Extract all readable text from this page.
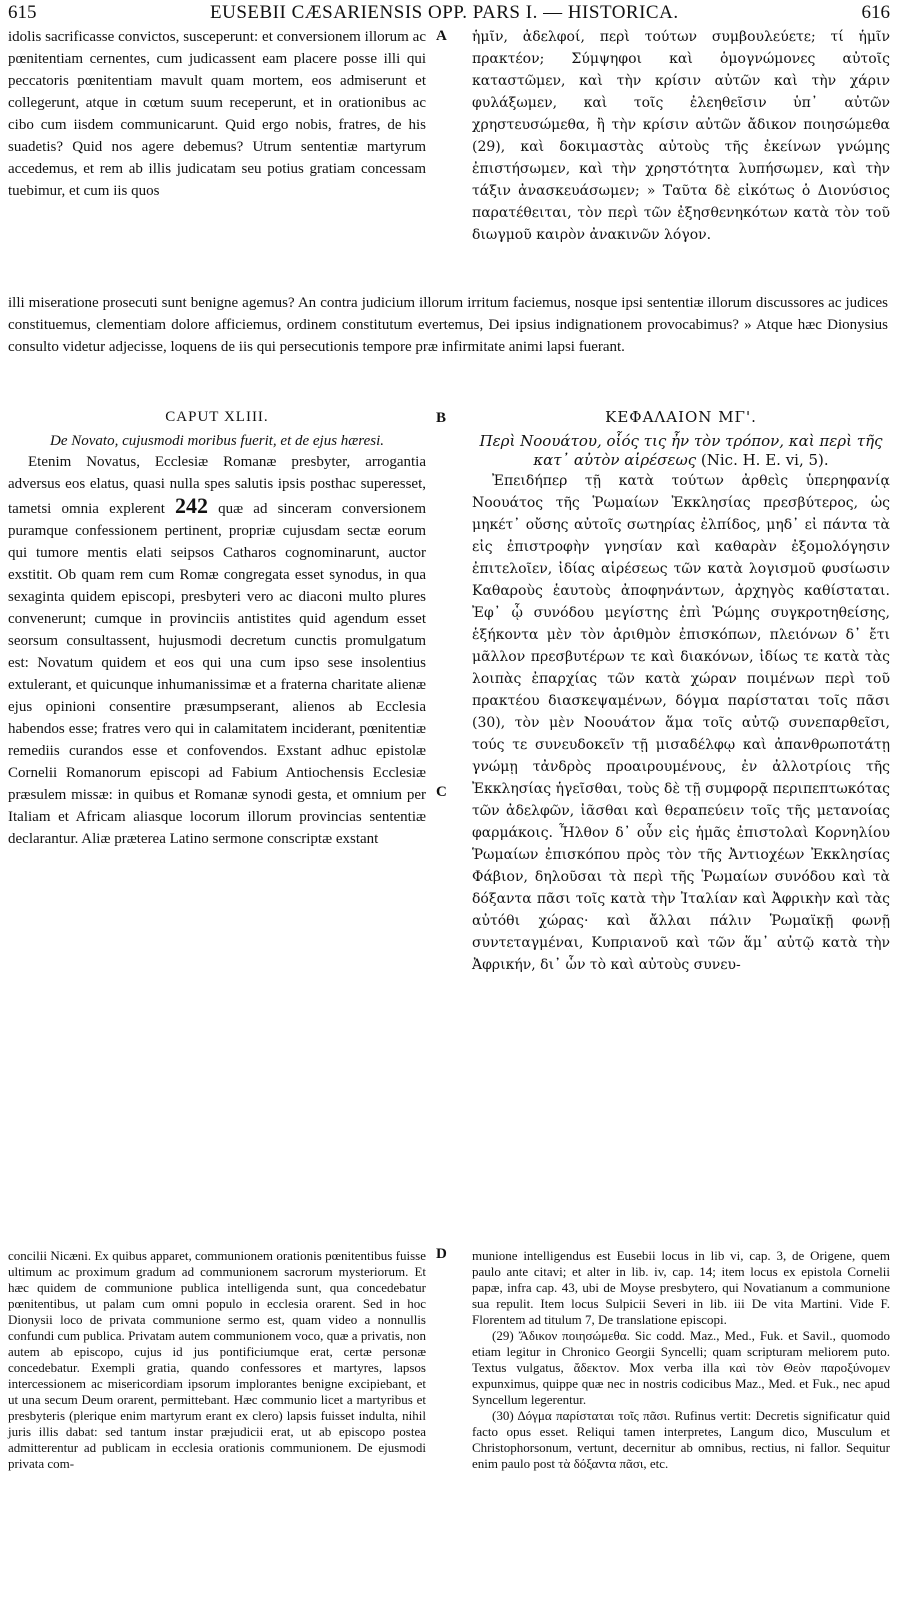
615	EUSEBII CÆSARIENSIS OPP. PARS I. — HISTORICA.	616

idolis sacrificasse convictos, susceperunt: et conversionem illorum ac pœnitentiam cernentes, cum judicassent eam placere posse illi qui peccatoris pœnitentiam mavult quam mortem, eos admiserunt et collegerunt, atque in cœtum suum receperunt, et in orationibus ac cibo cum iisdem communicarunt. Quid ergo nobis, fratres, de his suadetis? Quid nos agere debemus? Utrum sententiæ martyrum accedemus, et rem ab illis judicatam seu potius gratiam concessam tuebimur, et cum iis quos

A ἡμῖν, ἀδελφοί, περὶ τούτων συμβουλεύετε; τί ἡμῖν πρακτέον; Σύμψηφοι καὶ ὁμογνώμονες αὐτοῖς καταστῶμεν, καὶ τὴν κρίσιν αὐτῶν καὶ τὴν χάριν φυλάξωμεν, καὶ τοῖς ἐλεηθεῖσιν ὑπ᾽ αὐτῶν χρηστευσώμεθα, ἢ τὴν κρίσιν αὐτῶν ἄδικον ποιησώμεθα (29), καὶ δοκιμαστὰς αὐτοὺς τῆς ἐκείνων γνώμης ἐπιστήσωμεν, καὶ τὴν χρηστότητα λυπήσωμεν, καὶ τὴν τάξιν ἀνασκευάσωμεν; » Ταῦτα δὲ εἰκότως ὁ Διονύσιος παρατέθειται, τὸν περὶ τῶν ἐξησθενηκότων κατὰ τὸν τοῦ διωγμοῦ καιρὸν ἀνακινῶν λόγον.

illi miseratione prosecuti sunt benigne agemus? An contra judicium illorum irritum faciemus, nosque ipsi sententiæ illorum discussores ac judices constituemus, clementiam dolore afficiemus, ordinem constitutum evertemus, Dei ipsius indignationem provocabimus? » Atque hæc Dionysius consulto videtur adjecisse, loquens de iis qui persecutionis tempore præ infirmitate animi lapsi fuerant.

CAPUT XLIII.
De Novato, cujusmodi moribus fuerit, et de ejus hæresi.

Etenim Novatus, Ecclesiæ Romanæ presbyter, arrogantia adversus eos elatus, quasi nulla spes salutis ipsis posthac superesset, tametsi omnia explerent 242 quæ ad sinceram conversionem puramque confessionem pertinent, propriæ cujusdam sectæ eorum qui tumore mentis elati seipsos Catharos cognominarunt, auctor exstitit. Ob quam rem cum Romæ congregata esset synodus, in qua sexaginta quidem episcopi, presbyteri vero ac diaconi multo plures convenerunt; cumque in provinciis antistites quid agendum esset seorsum consultassent, hujusmodi decretum cunctis promulgatum est: Novatum quidem et eos qui una cum ipso sese insolentius extulerant, et quicunque inhumanissimæ et a fraterna charitate alienæ ejus opinioni consentire præsumpserant, alienos ab Ecclesia habendos esse; fratres vero qui in calamitatem inciderant, pœnitentiæ remediis curandos esse et confovendos. Exstant adhuc epistolæ Cornelii Romanorum episcopi ad Fabium Antiochensis Ecclesiæ præsulem missæ: in quibus et Romanæ synodi gesta, et omnium per Italiam et Africam aliasque locorum illorum provincias sententiæ declarantur. Aliæ præterea Latino sermone conscriptæ exstant

B
C
ΚΕΦΑΛΑΙΟΝ ΜΓ'.
Περὶ Νοουάτου, οἷός τις ἦν τὸν τρόπον, καὶ περὶ τῆς κατ᾽ αὐτὸν αἱρέσεως (Nic. H. E. vi, 5).

Ἐπειδήπερ τῇ κατὰ τούτων ἀρθεὶς ὑπερηφανίᾳ Νοουάτος τῆς Ῥωμαίων Ἐκκλησίας πρεσβύτερος, ὡς μηκέτ᾽ οὔσης αὐτοῖς σωτηρίας ἐλπίδος, μηδ᾽ εἰ πάντα τὰ εἰς ἐπιστροφὴν γνησίαν καὶ καθαρὰν ἐξομολόγησιν ἐπιτελοῖεν, ἰδίας αἱρέσεως τῶν κατὰ λογισμοῦ φυσίωσιν Καθαροὺς ἑαυτοὺς ἀποφηνάντων, ἀρχηγὸς καθίσταται. Ἐφ᾽ ᾧ συνόδου μεγίστης ἐπὶ Ῥώμης συγκροτηθείσης, ἑξήκοντα μὲν τὸν ἀριθμὸν ἐπισκόπων, πλειόνων δ᾽ ἔτι μᾶλλον πρεσβυτέρων τε καὶ διακόνων, ἰδίως τε κατὰ τὰς λοιπὰς ἐπαρχίας τῶν κατὰ χώραν ποιμένων περὶ τοῦ πρακτέου διασκεψαμένων, δόγμα παρίσταται τοῖς πᾶσι (30), τὸν μὲν Νοουάτον ἅμα τοῖς αὐτῷ συνεπαρθεῖσι, τούς τε συνευδοκεῖν τῇ μισαδέλφῳ καὶ ἀπανθρωποτάτῃ γνώμῃ τἀνδρὸς προαιρουμένους, ἐν ἀλλοτρίοις τῆς Ἐκκλησίας ἡγεῖσθαι, τοὺς δὲ τῇ συμφορᾷ περιπεπτωκότας τῶν ἀδελφῶν, ἰᾶσθαι καὶ θεραπεύειν τοῖς τῆς μετανοίας φαρμάκοις. Ἦλθον δ᾽ οὖν εἰς ἡμᾶς ἐπιστολαὶ Κορνηλίου Ῥωμαίων ἐπισκόπου πρὸς τὸν τῆς Ἀντιοχέων Ἐκκλησίας Φάβιον, δηλοῦσαι τὰ περὶ τῆς Ῥωμαίων συνόδου καὶ τὰ δόξαντα πᾶσι τοῖς κατὰ τὴν Ἰταλίαν καὶ Ἀφρικὴν καὶ τὰς αὐτόθι χώρας· καὶ ἄλλαι πάλιν Ῥωμαϊκῇ φωνῇ συντεταγμέναι, Κυπριανοῦ καὶ τῶν ἅμ᾽ αὐτῷ κατὰ τὴν Ἀφρικήν, δι᾽ ὧν τὸ καὶ αὐτοὺς συνευ-

concilii Nicæni. Ex quibus apparet, communionem orationis pœnitentibus fuisse ultimum ac proximum gradum ad communionem sacrorum mysteriorum. Et hæc quidem de communione publica intelligenda sunt, qua concedebatur pœnitentibus, ut palam cum omni populo in ecclesia orarent. Sed in hoc Dionysii loco de privata communione sermo est, quam video a nonnullis confundi cum publica. Privatam autem communionem voco, quæ a privatis, non autem ab episcopo, cujus id jus pontificiumque erat, certæ personæ concedebatur. Exempli gratia, quando confessores et martyres, lapsos intercessionem ac misericordiam ipsorum implorantes benigne excipiebant, et ut una secum Deum orarent, permittebant. Hæc communio licet a martyribus et presbyteris (plerique enim martyrum erant ex clero) lapsis fuisset indulta, nihil juris illis dabat: sed tantum instar præjudicii erat, ut ab episcopo postea admitterentur ad publicam in ecclesia orationis communionem. De ejusmodi privata com-

D munione intelligendus est Eusebii locus in lib vi, cap. 3, de Origene, quem paulo ante citavi; et alter in lib. iv, cap. 14; item locus ex epistola Cornelii papæ, infra cap. 43, ubi de Moyse presbytero, qui Novatianum a communione sua repulit. Item locus Sulpicii Severi in lib. iii De vita Martini. Vide F. Florentem ad titulum 7, De translatione episcopi.

(29) Ἄδικον ποιησώμεθα. Sic codd. Maz., Med., Fuk. et Savil., quomodo etiam legitur in Chronico Georgii Syncelli; quam scripturam meliorem puto. Textus vulgatus, ἄδεκτον. Mox verba illa καὶ τὸν Θεὸν παροξύνομεν expunximus, quippe quæ nec in nostris codicibus Maz., Med. et Fuk., nec apud Syncellum legerentur.

(30) Δόγμα παρίσταται τοῖς πᾶσι. Rufinus vertit: Decretis significatur quid facto opus esset. Reliqui tamen interpretes, Langum dico, Musculum et Christophorsonum, vertunt, decernitur ab omnibus, rectius, ni fallor. Sequitur enim paulo post τὰ δόξαντα πᾶσι, etc.
